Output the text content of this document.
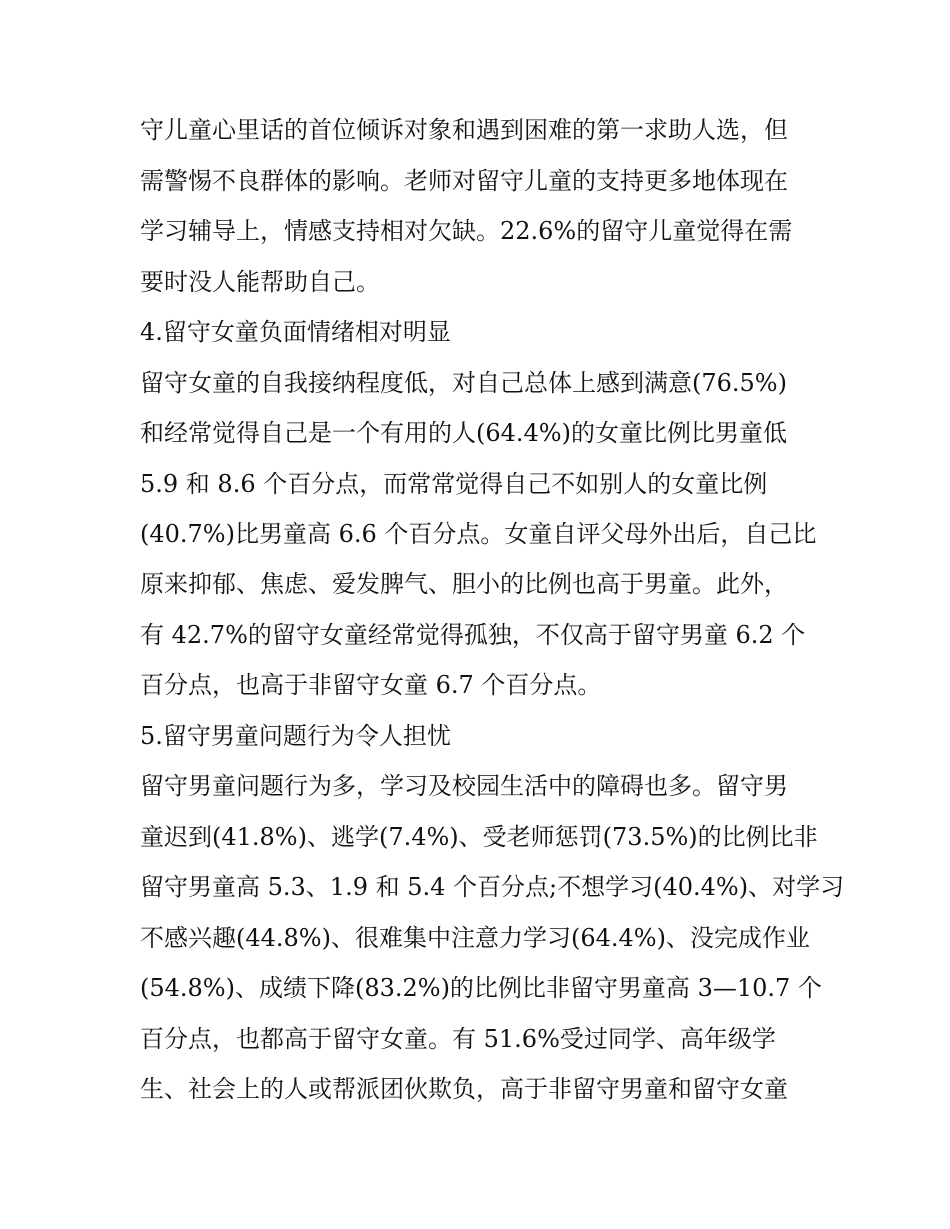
守儿童心里话的首位倾诉对象和遇到困难的第一求助人选，但
需警惕不良群体的影响。老师对留守儿童的支持更多地体现在
学习辅导上，情感支持相对欠缺。22.6%的留守儿童觉得在需
要时没人能帮助自己。
4.留守女童负面情绪相对明显
留守女童的自我接纳程度低，对自己总体上感到满意(76.5%)
和经常觉得自己是一个有用的人(64.4%)的女童比例比男童低
5.9 和 8.6 个百分点，而常常觉得自己不如别人的女童比例
(40.7%)比男童高 6.6 个百分点。女童自评父母外出后，自己比
原来抑郁、焦虑、爱发脾气、胆小的比例也高于男童。此外，
有 42.7%的留守女童经常觉得孤独，不仅高于留守男童 6.2 个
百分点，也高于非留守女童 6.7 个百分点。
5.留守男童问题行为令人担忧
留守男童问题行为多，学习及校园生活中的障碍也多。留守男
童迟到(41.8%)、逃学(7.4%)、受老师惩罚(73.5%)的比例比非
留守男童高 5.3、1.9 和 5.4 个百分点;不想学习(40.4%)、对学习
不感兴趣(44.8%)、很难集中注意力学习(64.4%)、没完成作业
(54.8%)、成绩下降(83.2%)的比例比非留守男童高 3—10.7 个
百分点，也都高于留守女童。有 51.6%受过同学、高年级学
生、社会上的人或帮派团伙欺负，高于非留守男童和留守女童
